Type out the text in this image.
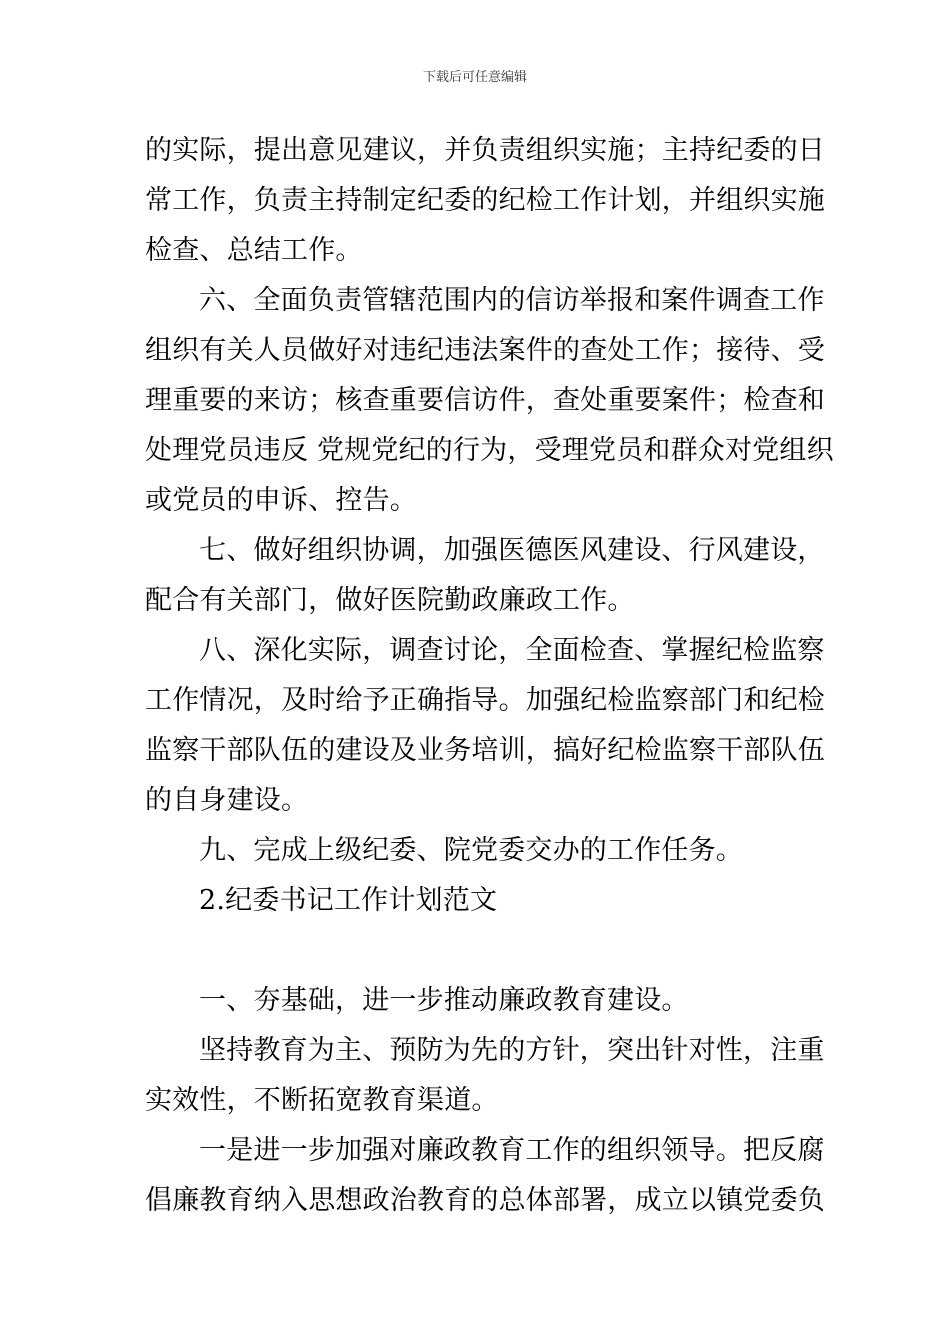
下载后可任意编辑
的实际，提出意见建议，并负责组织实施；主持纪委的日
常工作，负责主持制定纪委的纪检工作计划，并组织实施
检查、总结工作。
六、全面负责管辖范围内的信访举报和案件调查工作
组织有关人员做好对违纪违法案件的查处工作；接待、受
理重要的来访；核查重要信访件，查处重要案件；检查和
处理党员违反 党规党纪的行为，受理党员和群众对党组织
或党员的申诉、控告。
七、做好组织协调，加强医德医风建设、行风建设，
配合有关部门，做好医院勤政廉政工作。
八、深化实际，调查讨论，全面检查、掌握纪检监察
工作情况，及时给予正确指导。加强纪检监察部门和纪检
监察干部队伍的建设及业务培训，搞好纪检监察干部队伍
的自身建设。
九、完成上级纪委、院党委交办的工作任务。
2.纪委书记工作计划范文
一、夯基础，进一步推动廉政教育建设。
坚持教育为主、预防为先的方针，突出针对性，注重
实效性，不断拓宽教育渠道。
一是进一步加强对廉政教育工作的组织领导。把反腐
倡廉教育纳入思想政治教育的总体部署，成立以镇党委负
